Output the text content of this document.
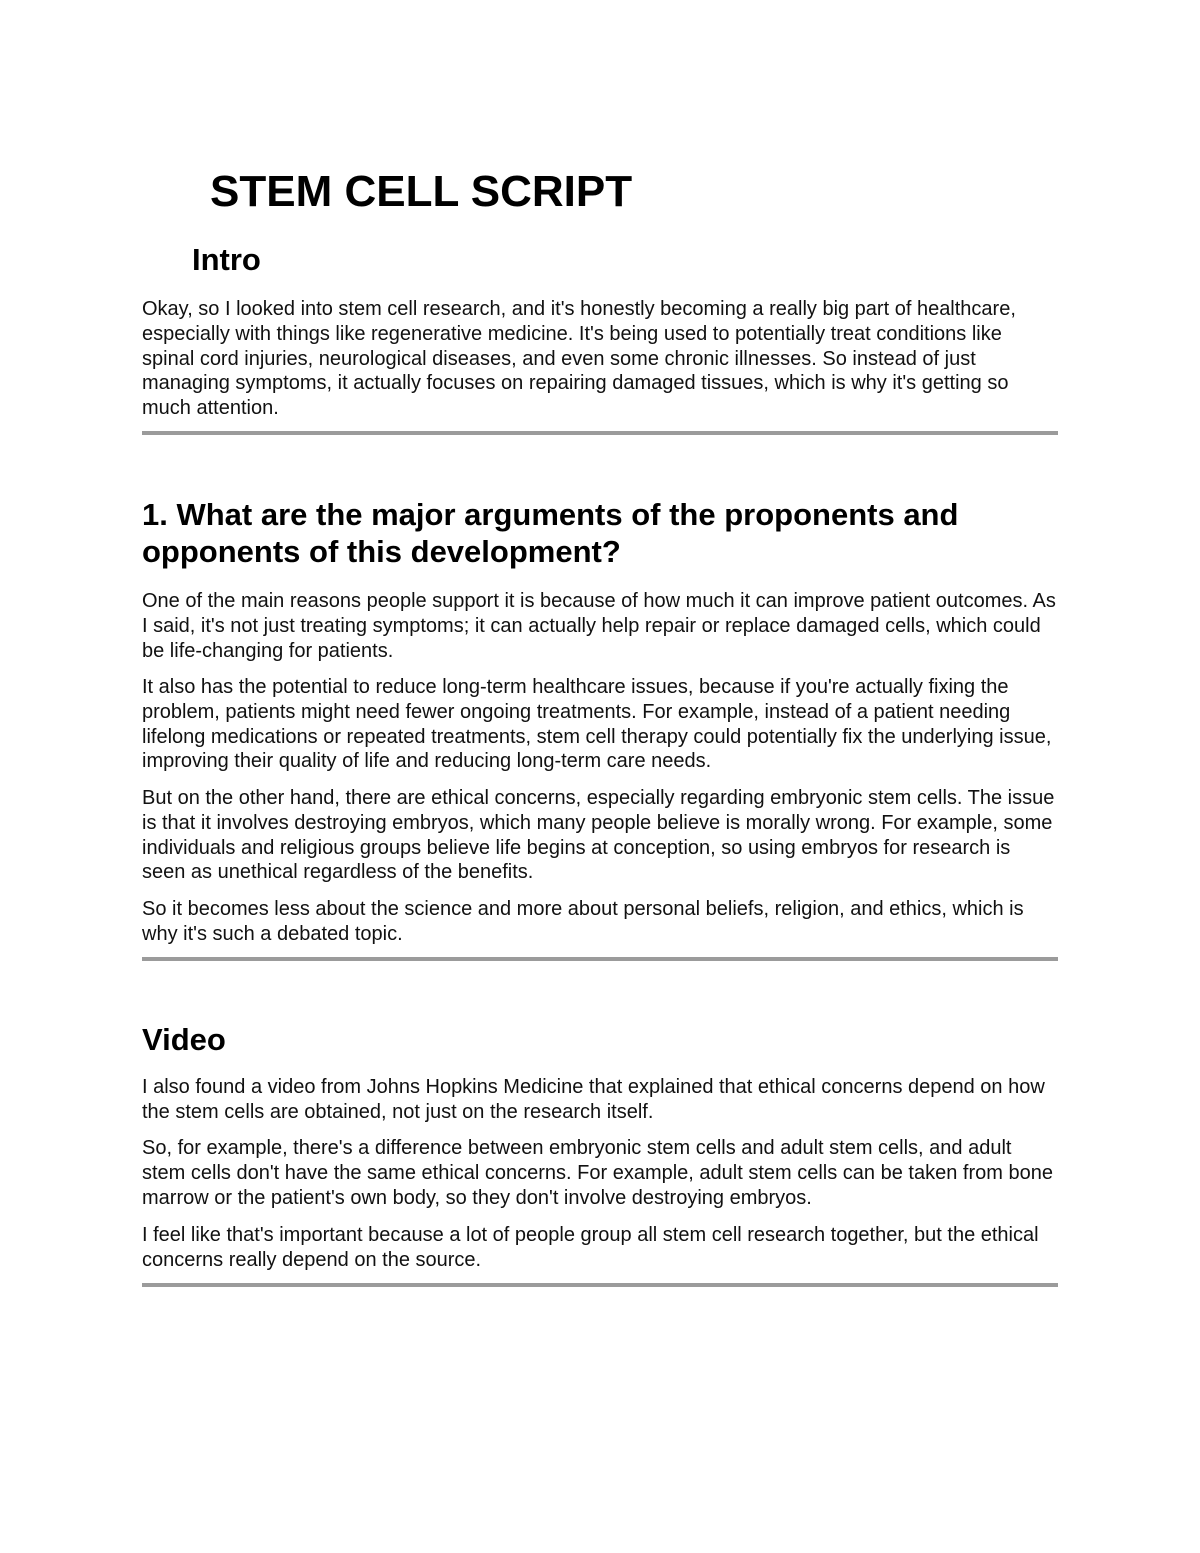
STEM CELL SCRIPT
Intro

Okay, so I looked into stem cell research, and it's honestly becoming a really big part of healthcare, especially with things like regenerative medicine. It's being used to potentially treat conditions like spinal cord injuries, neurological diseases, and even some chronic illnesses. So instead of just managing symptoms, it actually focuses on repairing damaged tissues, which is why it's getting so much attention.

1. What are the major arguments of the proponents and opponents of this development?

One of the main reasons people support it is because of how much it can improve patient outcomes. As I said, it's not just treating symptoms; it can actually help repair or replace damaged cells, which could be life-changing for patients.

It also has the potential to reduce long-term healthcare issues, because if you're actually fixing the problem, patients might need fewer ongoing treatments. For example, instead of a patient needing lifelong medications or repeated treatments, stem cell therapy could potentially fix the underlying issue, improving their quality of life and reducing long-term care needs.

But on the other hand, there are ethical concerns, especially regarding embryonic stem cells. The issue is that it involves destroying embryos, which many people believe is morally wrong. For example, some individuals and religious groups believe life begins at conception, so using embryos for research is seen as unethical regardless of the benefits.

So it becomes less about the science and more about personal beliefs, religion, and ethics, which is why it's such a debated topic.

Video

I also found a video from Johns Hopkins Medicine that explained that ethical concerns depend on how the stem cells are obtained, not just on the research itself.

So, for example, there's a difference between embryonic stem cells and adult stem cells, and adult stem cells don't have the same ethical concerns. For example, adult stem cells can be taken from bone marrow or the patient's own body, so they don't involve destroying embryos.

I feel like that's important because a lot of people group all stem cell research together, but the ethical concerns really depend on the source.
